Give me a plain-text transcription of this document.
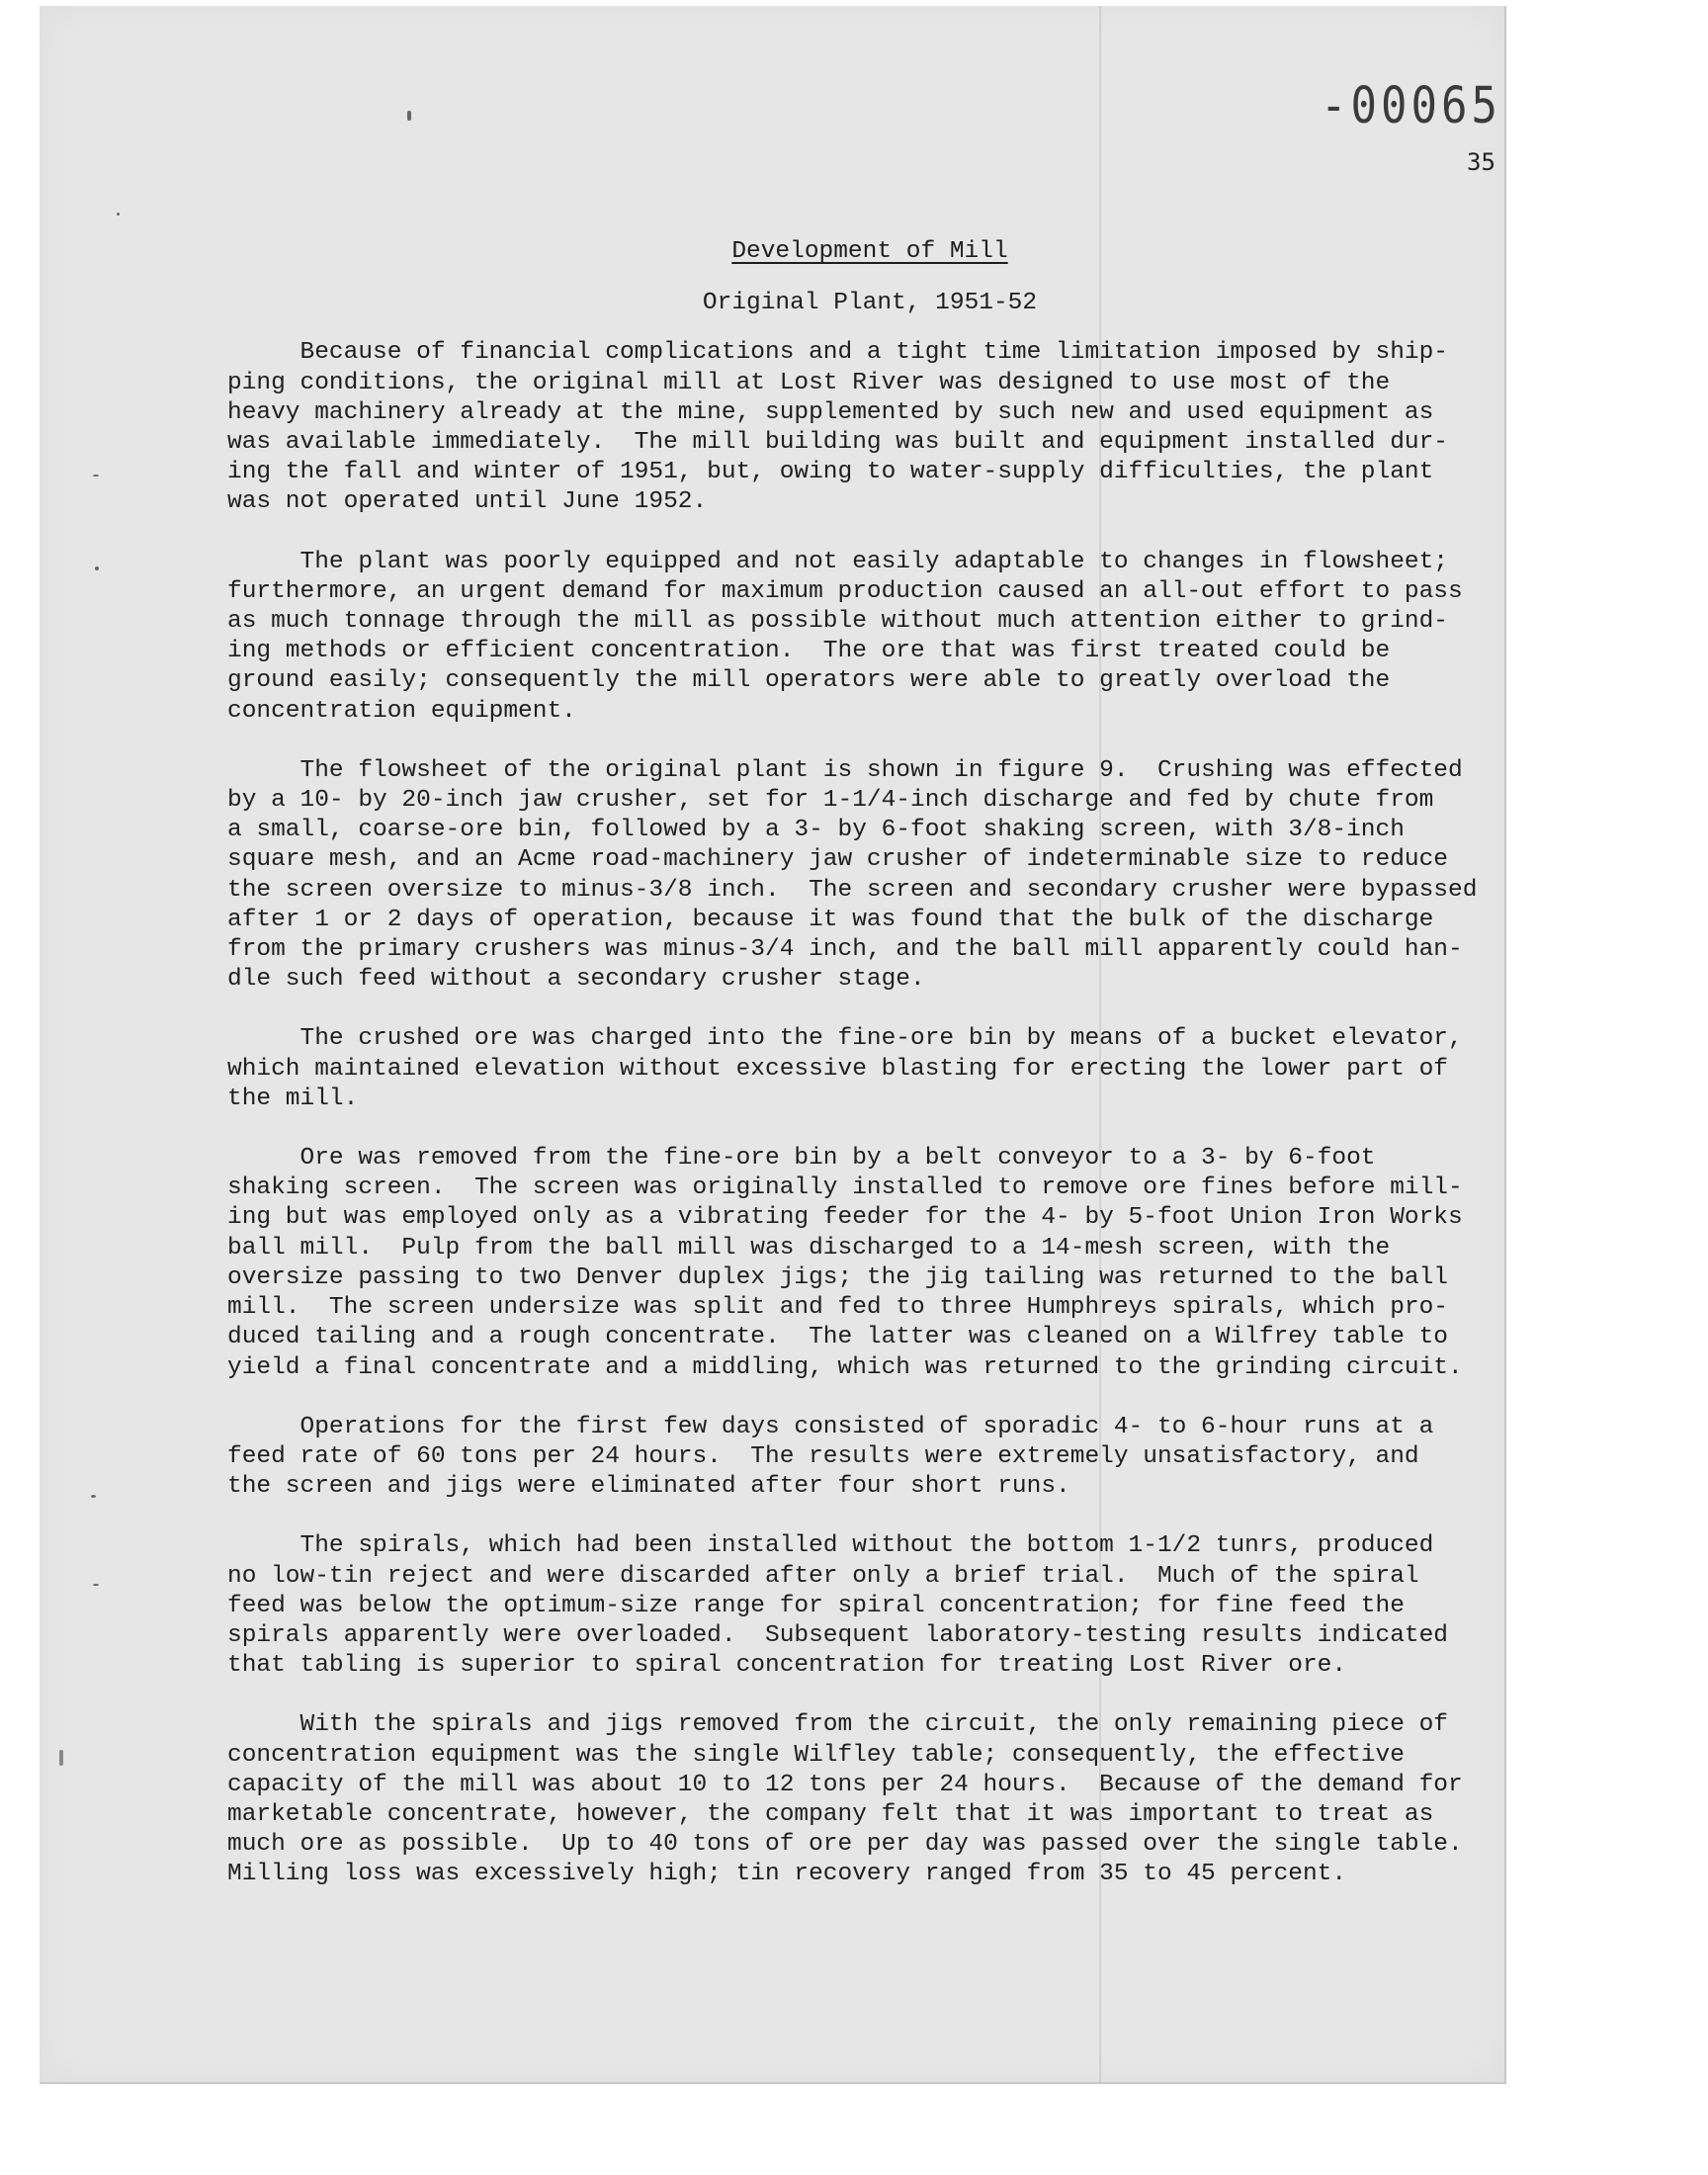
-00065
35
Development of Mill
Original Plant, 1951-52
Because of financial complications and a tight time limitation imposed by ship-
ping conditions, the original mill at Lost River was designed to use most of the
heavy machinery already at the mine, supplemented by such new and used equipment as
was available immediately.  The mill building was built and equipment installed dur-
ing the fall and winter of 1951, but, owing to water-supply difficulties, the plant
was not operated until June 1952.
The plant was poorly equipped and not easily adaptable to changes in flowsheet;
furthermore, an urgent demand for maximum production caused an all-out effort to pass
as much tonnage through the mill as possible without much attention either to grind-
ing methods or efficient concentration.  The ore that was first treated could be
ground easily; consequently the mill operators were able to greatly overload the
concentration equipment.
The flowsheet of the original plant is shown in figure 9.  Crushing was effected
by a 10- by 20-inch jaw crusher, set for 1-1/4-inch discharge and fed by chute from
a small, coarse-ore bin, followed by a 3- by 6-foot shaking screen, with 3/8-inch
square mesh, and an Acme road-machinery jaw crusher of indeterminable size to reduce
the screen oversize to minus-3/8 inch.  The screen and secondary crusher were bypassed
after 1 or 2 days of operation, because it was found that the bulk of the discharge
from the primary crushers was minus-3/4 inch, and the ball mill apparently could han-
dle such feed without a secondary crusher stage.
The crushed ore was charged into the fine-ore bin by means of a bucket elevator,
which maintained elevation without excessive blasting for erecting the lower part of
the mill.
Ore was removed from the fine-ore bin by a belt conveyor to a 3- by 6-foot
shaking screen.  The screen was originally installed to remove ore fines before mill-
ing but was employed only as a vibrating feeder for the 4- by 5-foot Union Iron Works
ball mill.  Pulp from the ball mill was discharged to a 14-mesh screen, with the
oversize passing to two Denver duplex jigs; the jig tailing was returned to the ball
mill.  The screen undersize was split and fed to three Humphreys spirals, which pro-
duced tailing and a rough concentrate.  The latter was cleaned on a Wilfrey table to
yield a final concentrate and a middling, which was returned to the grinding circuit.
Operations for the first few days consisted of sporadic 4- to 6-hour runs at a
feed rate of 60 tons per 24 hours.  The results were extremely unsatisfactory, and
the screen and jigs were eliminated after four short runs.
The spirals, which had been installed without the bottom 1-1/2 tunrs, produced
no low-tin reject and were discarded after only a brief trial.  Much of the spiral
feed was below the optimum-size range for spiral concentration; for fine feed the
spirals apparently were overloaded.  Subsequent laboratory-testing results indicated
that tabling is superior to spiral concentration for treating Lost River ore.
With the spirals and jigs removed from the circuit, the only remaining piece of
concentration equipment was the single Wilfley table; consequently, the effective
capacity of the mill was about 10 to 12 tons per 24 hours.  Because of the demand for
marketable concentrate, however, the company felt that it was important to treat as
much ore as possible.  Up to 40 tons of ore per day was passed over the single table.
Milling loss was excessively high; tin recovery ranged from 35 to 45 percent.
